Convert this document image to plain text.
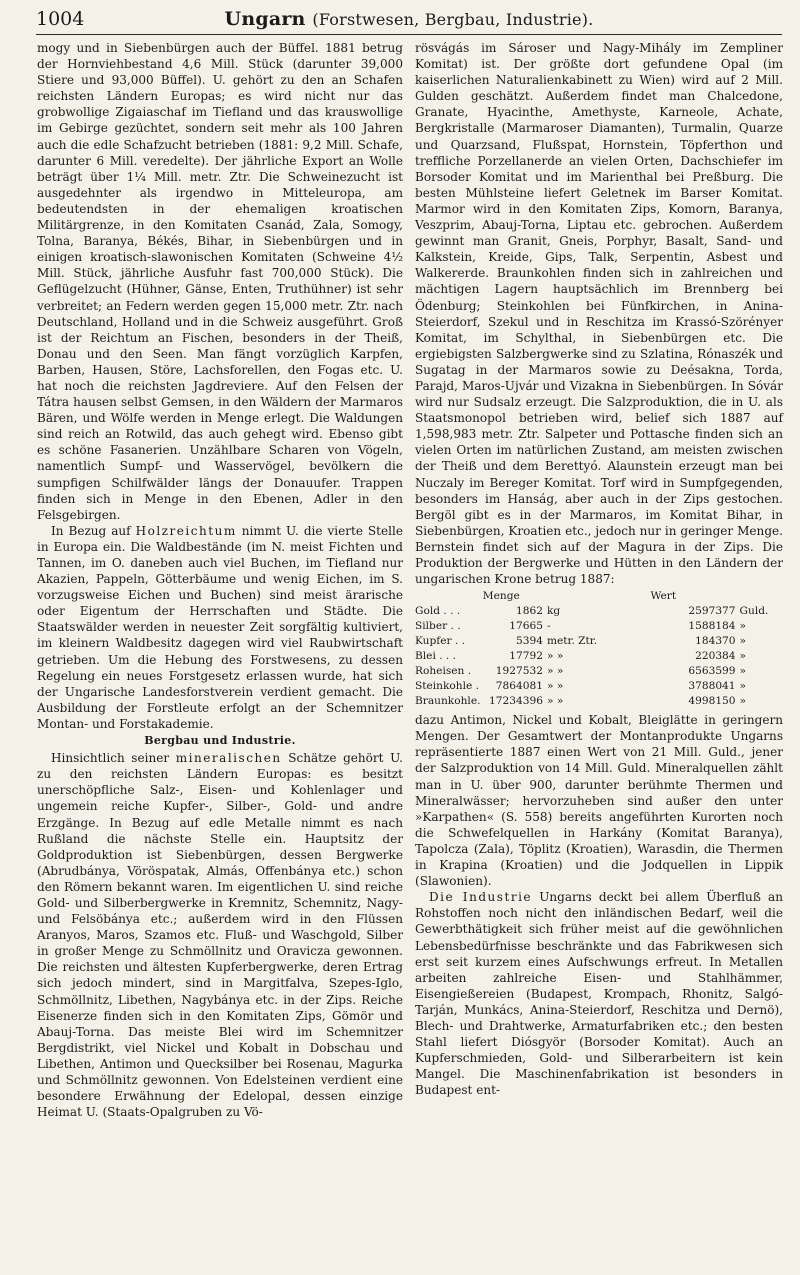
1004	Ungarn (Forstwesen, Bergbau, Industrie).

mogy und in Siebenbürgen auch der Büffel. 1881 betrug der Hornviehbestand 4,6 Mill. Stück (darunter 39,000 Stiere und 93,000 Büffel). U. gehört zu den an Schafen reichsten Ländern Europas; es wird nicht nur das grobwollige Zigaiaschaf im Tiefland und das krauswollige im Gebirge gezüchtet, sondern seit mehr als 100 Jahren auch die edle Schafzucht betrieben (1881: 9,2 Mill. Schafe, darunter 6 Mill. veredelte). Der jährliche Export an Wolle beträgt über 1¼ Mill. metr. Ztr. Die Schweinezucht ist ausgedehnter als irgendwo in Mitteleuropa, am bedeutendsten in der ehemaligen kroatischen Militärgrenze, in den Komitaten Csanád, Zala, Somogy, Tolna, Baranya, Békés, Bihar, in Siebenbürgen und in einigen kroatisch-slawonischen Komitaten (Schweine 4½ Mill. Stück, jährliche Ausfuhr fast 700,000 Stück). Die Geflügelzucht (Hühner, Gänse, Enten, Truthühner) ist sehr verbreitet; an Federn werden gegen 15,000 metr. Ztr. nach Deutschland, Holland und in die Schweiz ausgeführt. Groß ist der Reichtum an Fischen, besonders in der Theiß, Donau und den Seen. Man fängt vorzüglich Karpfen, Barben, Hausen, Störe, Lachsforellen, den Fogas etc. U. hat noch die reichsten Jagdreviere. Auf den Felsen der Tátra hausen selbst Gemsen, in den Wäldern der Marmaros Bären, und Wölfe werden in Menge erlegt. Die Waldungen sind reich an Rotwild, das auch gehegt wird. Ebenso gibt es schöne Fasanerien. Unzählbare Scharen von Vögeln, namentlich Sumpf- und Wasservögel, bevölkern die sumpfigen Schilfwälder längs der Donauufer. Trappen finden sich in Menge in den Ebenen, Adler in den Felsgebirgen.

In Bezug auf Holzreichtum nimmt U. die vierte Stelle in Europa ein. Die Waldbestände (im N. meist Fichten und Tannen, im O. daneben auch viel Buchen, im Tiefland nur Akazien, Pappeln, Götterbäume und wenig Eichen, im S. vorzugsweise Eichen und Buchen) sind meist ärarische oder Eigentum der Herrschaften und Städte. Die Staatswälder werden in neuester Zeit sorgfältig kultiviert, im kleinern Waldbesitz dagegen wird viel Raubwirtschaft getrieben. Um die Hebung des Forstwesens, zu dessen Regelung ein neues Forstgesetz erlassen wurde, hat sich der Ungarische Landesforstverein verdient gemacht. Die Ausbildung der Forstleute erfolgt an der Schemnitzer Montan- und Forstakademie.

Bergbau und Industrie.

Hinsichtlich seiner mineralischen Schätze gehört U. zu den reichsten Ländern Europas: es besitzt unerschöpfliche Salz-, Eisen- und Kohlenlager und ungemein reiche Kupfer-, Silber-, Gold- und andre Erzgänge. In Bezug auf edle Metalle nimmt es nach Rußland die nächste Stelle ein. Hauptsitz der Goldproduktion ist Siebenbürgen, dessen Bergwerke (Abrudbánya, Vöröspatak, Almás, Offenbánya etc.) schon den Römern bekannt waren. Im eigentlichen U. sind reiche Gold- und Silberbergwerke in Kremnitz, Schemnitz, Nagy- und Felsöbánya etc.; außerdem wird in den Flüssen Aranyos, Maros, Szamos etc. Fluß- und Waschgold, Silber in großer Menge zu Schmöllnitz und Oravicza gewonnen. Die reichsten und ältesten Kupferbergwerke, deren Ertrag sich jedoch mindert, sind in Margitfalva, Szepes-Iglo, Schmöllnitz, Libethen, Nagybánya etc. in der Zips. Reiche Eisenerze finden sich in den Komitaten Zips, Gömör und Abauj-Torna. Das meiste Blei wird im Schemnitzer Bergdistrikt, viel Nickel und Kobalt in Dobschau und Libethen, Antimon und Quecksilber bei Rosenau, Magurka und Schmöllnitz gewonnen. Von Edelsteinen verdient eine besondere Erwähnung der Edelopal, dessen einzige Heimat U. (Staats-Opalgruben zu Vö-

rösvágás im Sároser und Nagy-Mihály im Zempliner Komitat) ist. Der größte dort gefundene Opal (im kaiserlichen Naturalienkabinett zu Wien) wird auf 2 Mill. Gulden geschätzt. Außerdem findet man Chalcedone, Granate, Hyacinthe, Amethyste, Karneole, Achate, Bergkristalle (Marmaroser Diamanten), Turmalin, Quarze und Quarzsand, Flußspat, Hornstein, Töpferthon und treffliche Porzellanerde an vielen Orten, Dachschiefer im Borsoder Komitat und im Marienthal bei Preßburg. Die besten Mühlsteine liefert Geletnek im Barser Komitat. Marmor wird in den Komitaten Zips, Komorn, Baranya, Veszprim, Abauj-Torna, Liptau etc. gebrochen. Außerdem gewinnt man Granit, Gneis, Porphyr, Basalt, Sand- und Kalkstein, Kreide, Gips, Talk, Serpentin, Asbest und Walkererde. Braunkohlen finden sich in zahlreichen und mächtigen Lagern hauptsächlich im Brennberg bei Ödenburg; Steinkohlen bei Fünfkirchen, in Anina-Steierdorf, Szekul und in Reschitza im Krassó-Szörényer Komitat, im Schylthal, in Siebenbürgen etc. Die ergiebigsten Salzbergwerke sind zu Szlatina, Rónaszék und Sugatag in der Marmaros sowie zu Deésakna, Torda, Parajd, Maros-Ujvár und Vizakna in Siebenbürgen. In Sóvár wird nur Sudsalz erzeugt. Die Salzproduktion, die in U. als Staatsmonopol betrieben wird, belief sich 1887 auf 1,598,983 metr. Ztr. Salpeter und Pottasche finden sich an vielen Orten im natürlichen Zustand, am meisten zwischen der Theiß und dem Berettyó. Alaunstein erzeugt man bei Nuczaly im Bereger Komitat. Torf wird in Sumpfgegenden, besonders im Hanság, aber auch in der Zips gestochen. Bergöl gibt es in der Marmaros, im Komitat Bihar, in Siebenbürgen, Kroatien etc., jedoch nur in geringer Menge. Bernstein findet sich auf der Magura in der Zips. Die Produktion der Bergwerke und Hütten in den Ländern der ungarischen Krone betrug 1887:

	Menge		Wert	
Gold . . .	1862	kg	2597377	Guld.
Silber . .	17665	-	1588184	»
Kupfer . .	5394	metr. Ztr.	184370	»
Blei . . .	17792	» »	220384	»
Roheisen .	1927532	» »	6563599	»
Steinkohle .	7864081	» »	3788041	»
Braunkohle.	17234396	» »	4998150	»

dazu Antimon, Nickel und Kobalt, Bleiglätte in geringern Mengen. Der Gesamtwert der Montanprodukte Ungarns repräsentierte 1887 einen Wert von 21 Mill. Guld., jener der Salzproduktion von 14 Mill. Guld. Mineralquellen zählt man in U. über 900, darunter berühmte Thermen und Mineralwässer; hervorzuheben sind außer den unter »Karpathen« (S. 558) bereits angeführten Kurorten noch die Schwefelquellen in Harkány (Komitat Baranya), Tapolcza (Zala), Töplitz (Kroatien), Warasdin, die Thermen in Krapina (Kroatien) und die Jodquellen in Lippik (Slawonien).

Die Industrie Ungarns deckt bei allem Überfluß an Rohstoffen noch nicht den inländischen Bedarf, weil die Gewerbthätigkeit sich früher meist auf die gewöhnlichen Lebensbedürfnisse beschränkte und das Fabrikwesen sich erst seit kurzem eines Aufschwungs erfreut. In Metallen arbeiten zahlreiche Eisen- und Stahlhämmer, Eisengießereien (Budapest, Krompach, Rhonitz, Salgó-Tarján, Munkács, Anina-Steierdorf, Reschitza und Dernö), Blech- und Drahtwerke, Armaturfabriken etc.; den besten Stahl liefert Diósgyör (Borsoder Komitat). Auch an Kupferschmieden, Gold- und Silberarbeitern ist kein Mangel. Die Maschinenfabrikation ist besonders in Budapest ent-
